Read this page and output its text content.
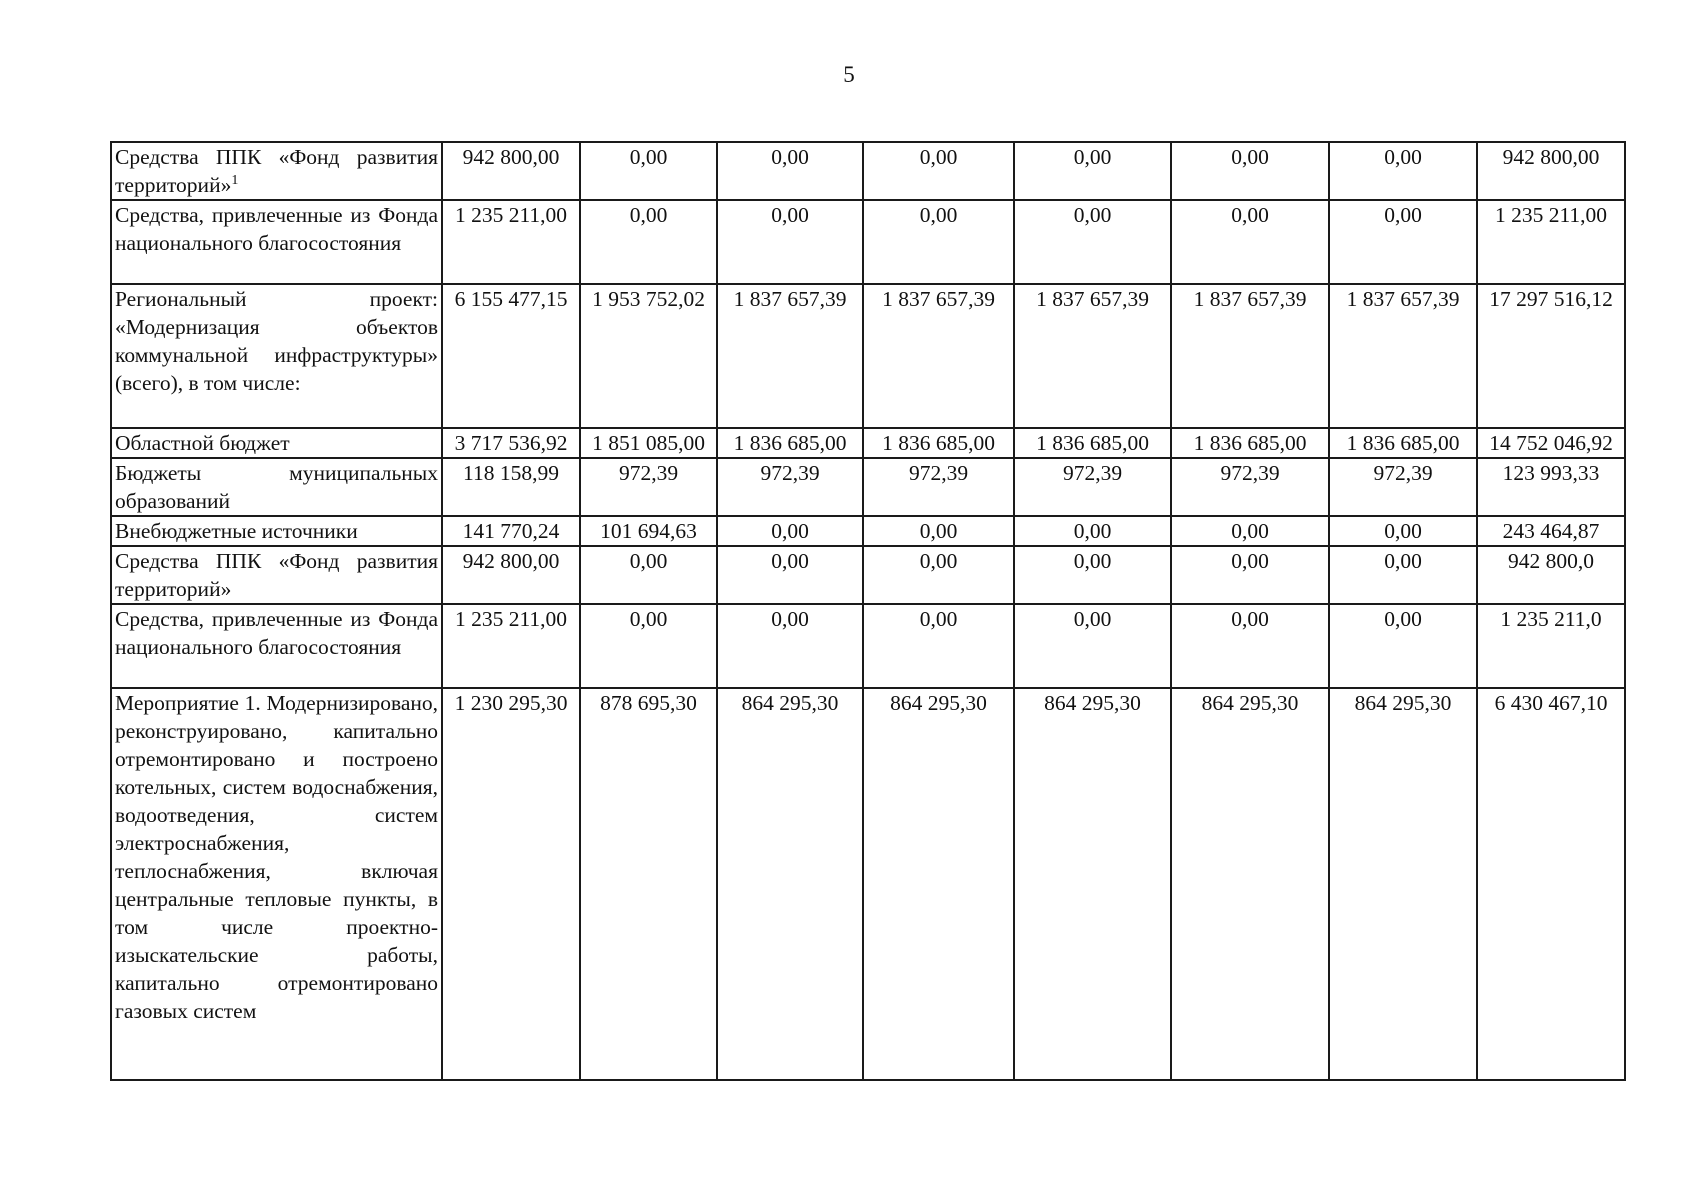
5
Средства ППК «Фонд развития территорий»$^1$	942 800,00	0,00	0,00	0,00	0,00	0,00	0,00	942 800,00
Средства, привлеченные из Фонда национального благосостояния	1 235 211,00	0,00	0,00	0,00	0,00	0,00	0,00	1 235 211,00
Региональный проект: «Модернизация объектов коммунальной инфраструктуры» (всего), в том числе:	6 155 477,15	1 953 752,02	1 837 657,39	1 837 657,39	1 837 657,39	1 837 657,39	1 837 657,39	17 297 516,12
Областной бюджет	3 717 536,92	1 851 085,00	1 836 685,00	1 836 685,00	1 836 685,00	1 836 685,00	1 836 685,00	14 752 046,92
Бюджеты муниципальных образований	118 158,99	972,39	972,39	972,39	972,39	972,39	972,39	123 993,33
Внебюджетные источники	141 770,24	101 694,63	0,00	0,00	0,00	0,00	0,00	243 464,87
Средства ППК «Фонд развития территорий»	942 800,00	0,00	0,00	0,00	0,00	0,00	0,00	942 800,0
Средства, привлеченные из Фонда национального благосостояния	1 235 211,00	0,00	0,00	0,00	0,00	0,00	0,00	1 235 211,0
Мероприятие 1. Модернизировано, реконструировано, капитально отремонтировано и построено котельных, систем водоснабжения, водоотведения, систем электроснабжения, теплоснабжения, включая центральные тепловые пункты, в том числе проектно-изыскательские работы, капитально отремонтировано газовых систем	1 230 295,30	878 695,30	864 295,30	864 295,30	864 295,30	864 295,30	864 295,30	6 430 467,10
